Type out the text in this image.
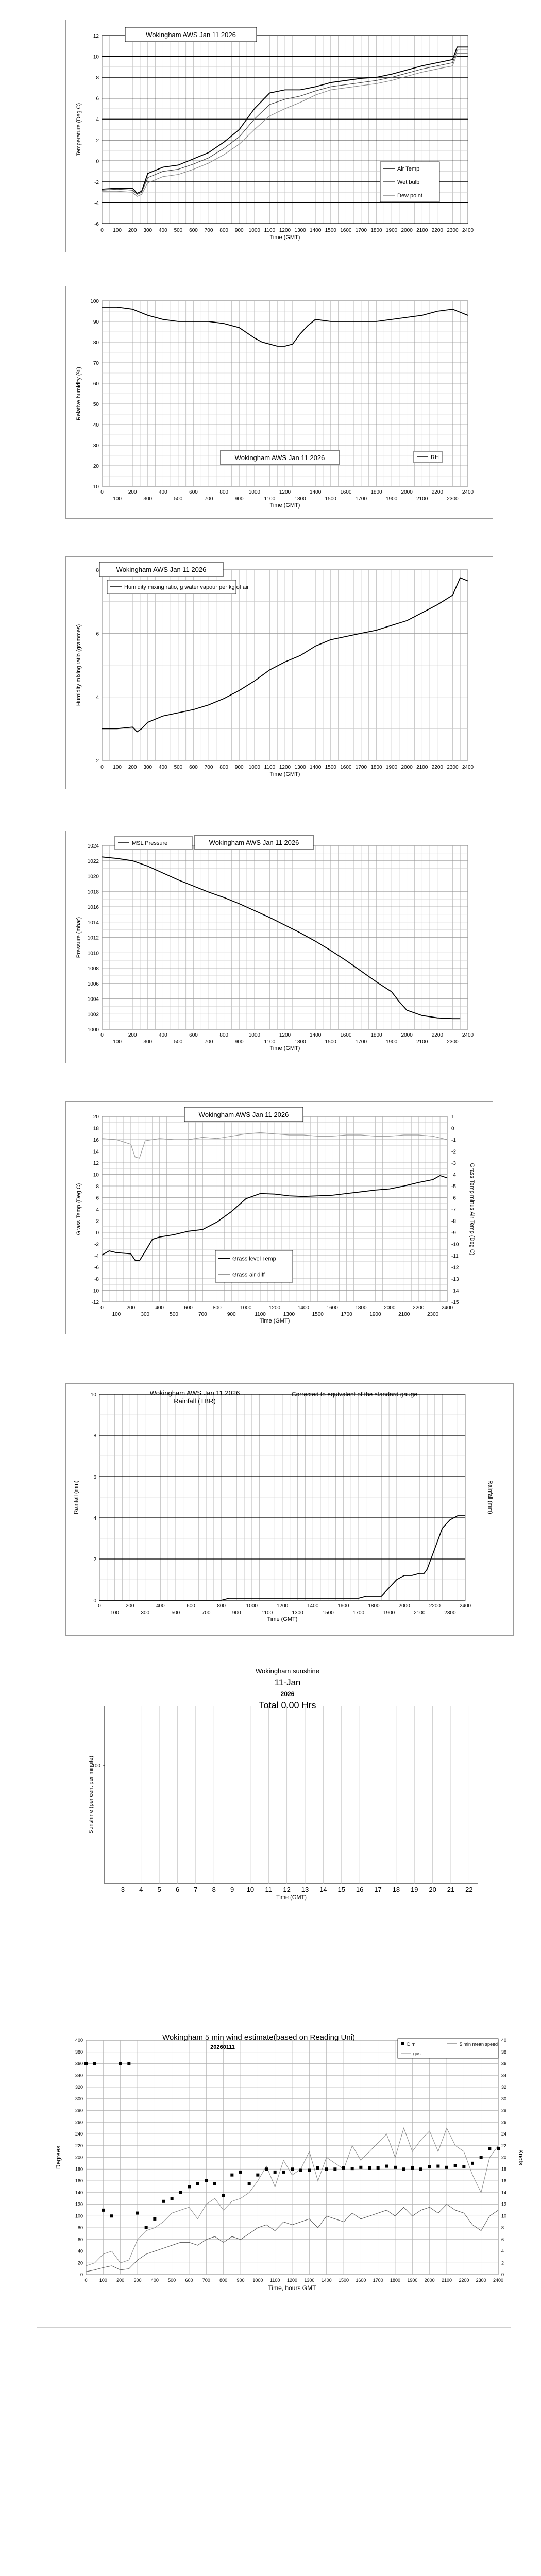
-6
-4
-2
0
2
4
6
8
10
12
0 100 200 300 400 500 600 700 800 900 1000 1100 1200 1300 1400 1500 1600 1700 1800 1900 2000 2100 2200 2300 2400
Time (GMT)
Temperature (Deg C)
Wokingham AWS Jan 11 2026
Air Temp
Wet bulb
Dew point
10
20
30
40
50
60
70
80
90
100
0	200	400	600	800	1000	1200	1400	1600	1800	2000	2200	2400
100	300	500	700	900	1100	1300	1500	1700	1900	2100	2300
Time (GMT)
Relative humidity (%)
Wokingham AWS Jan 11 2026	RH
2
4
6
8
0 100 200 300 400 500 600 700 800 900 1000 1100 1200 1300 1400 1500 1600 1700 1800 1900 2000 2100 2200 2300 2400
Time (GMT)
Humidity mixing ratio (grammes)
Wokingham AWS Jan 11 2026
Humidity mixing ratio, g water vapour per kg of air
1000
1002
1004
1006
1008
1010
1012
1014
1016
1018
1020
1022
1024
0	200	400	600	800	1000	1200	1400	1600	1800	2000	2200	2400
100	300	500	700	900	1100	1300	1500	1700	1900	2100	2300
Time (GMT)
Pressure (mbar)
Wokingham AWS Jan 11 2026
MSL Pressure
-12
-10
-8
-6
-4
-2
0
2
4
6
8
10
12
14
16
18
20
-15
-14
-13
-12
-11
-10
-9
-8
-7
-6
-5
-4
-3
-2
-1
0
1
0	200	400	600	800	1000	1200	1400	1600	1800	2000	2200	2400
100	300	500	700	900	1100	1300	1500	1700	1900	2100	2300
Time (GMT)
Grass Temp (Deg C)	Grass Temp minus Air Temp (Deg C)
Wokingham AWS Jan 11 2026
Grass level Temp
Grass-air diff
0
2
4
6
8
10
0	200	400	600	800	1000	1200	1400	1600	1800	2000	2200	2400
100	300	500	700	900	1100	1300	1500	1700	1900	2100	2300
Time (GMT)
Rainfall (mm)	Rainfall (mm)
Wokingham AWS Jan 11 2026
Rainfall (TBR)
Corrected to equivalent of the standard gauge
Wokingham sunshine
11-Jan
2026
Total 0.00 Hrs
3 4 5 6 7 8 9 10 11 12 13 14 15 16 17 18 19 20 21 22
100
Time (GMT)
Sunshine (per cent per minute)
0
20
40
60
80
100
120
140
160
180
200
220
240
260
280
300
320
340
360
380
400
0
2
4
6
8
10
12
14
16
18
20
22
24
26
28
30
32
34
36
38
40
0	100 200 300 400 500 600 700 800 900 1000 1100 1200 1300 1400 1500 1600 1700 1800 1900 2000 2100 2200 2300 2400
Time, hours GMT
Degrees	Knots
Wokingham 5 min wind estimate(based on Reading Uni)
20260111	Dirn	5 min mean speed
gust
